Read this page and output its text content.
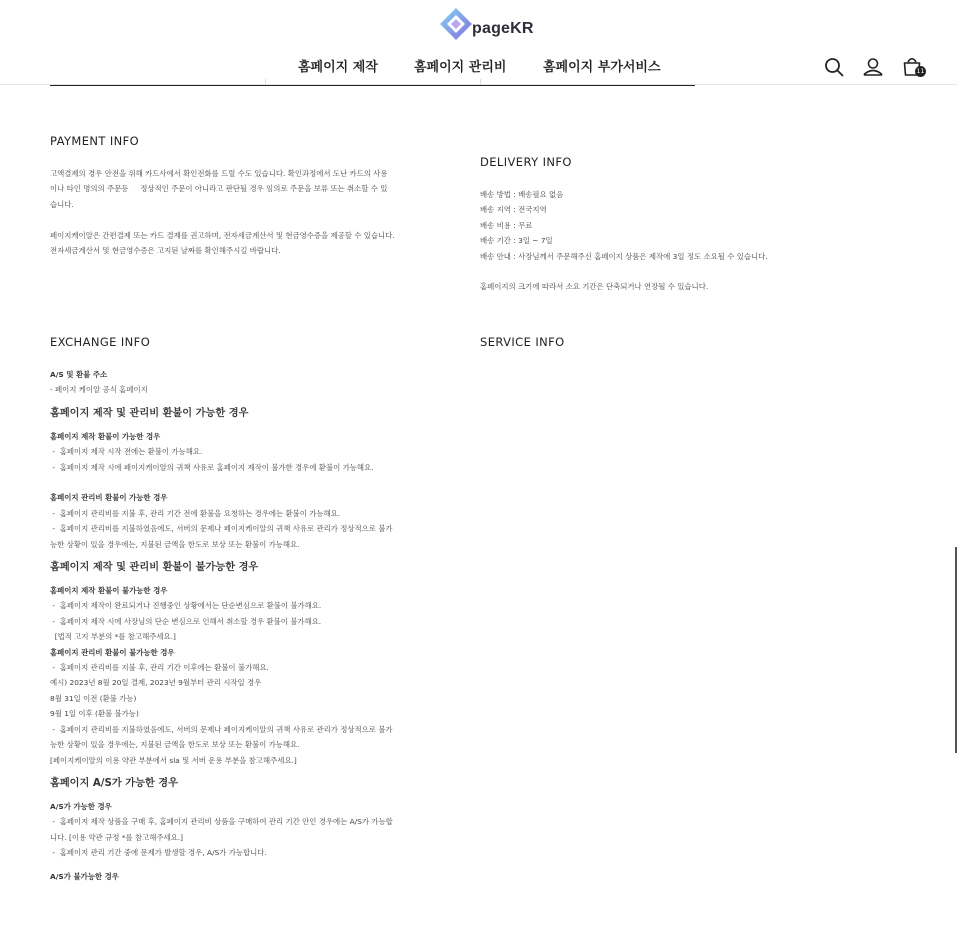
pageKR
홈페이지 제작	홈페이지 관리비	홈페이지 부가서비스	11
PAYMENT INFO

고액결제의 경우 안전을 위해 카드사에서 확인전화를 드릴 수도 있습니다. 확인과정에서 도난 카드의 사용

이나 타인 명의의 주문등     정상적인 주문이 아니라고 판단될 경우 임의로 주문을 보류 또는 취소할 수 있

습니다.

페이지케이알은 간편결제 또는 카드 결제를 권고하며, 전자세금계산서 및 현금영수증을 제공할 수 있습니다.

전자세금계산서 및 현금영수증은 고지된 날짜를 확인해주시길 바랍니다.

DELIVERY INFO

배송 방법 : 배송필요 없음

배송 지역 : 전국지역

배송 비용 : 무료

배송 기간 : 3일 ~ 7일

배송 안내 : 사장님께서 주문해주신 홈페이지 상품은 제작에 3일 정도 소요될 수 있습니다.

홈페이지의 크기에 따라서 소요 기간은 단축되거나 연장될 수 있습니다.

EXCHANGE INFO

A/S 및 환불 주소

- 페이지 케이알 공식 홈페이지

홈페이지 제작 및 관리비 환불이 가능한 경우

홈페이지 제작 환불이 가능한 경우

-  홈페이지 제작 시작 전에는 환불이 가능해요.

-  홈페이지 제작 시에 페이지케이알의 귀책 사유로 홈페이지 제작이 불가한 경우에 환불이 가능해요.

홈페이지 관리비 환불이 가능한 경우

-  홈페이지 관리비를 지불 후, 관리 기간 전에 환불을 요청하는 경우에는 환불이 가능해요.

-  홈페이지 관리비를 지불하였음에도, 서버의 문제나 페이지케이알의 귀책 사유로 관리가 정상적으로 불가

능한 상황이 있을 경우에는, 지불된 금액을 한도로 보상 또는 환불이 가능해요.

홈페이지 제작 및 관리비 환불이 불가능한 경우

홈페이지 제작 환불이 불가능한 경우

-  홈페이지 제작이 완료되거나 진행중인 상황에서는 단순변심으로 환불이 불가해요.

-  홈페이지 제작 시에 사장님의 단순 변심으로 인해서 취소할 경우 환불이 불가해요.

[법적 고지 부분의 *를 참고해주세요.]

홈페이지 관리비 환불이 불가능한 경우

-  홈페이지 관리비를 지불 후, 관리 기간 이후에는 환불이 불가해요.

예시) 2023년 8월 20일 결제, 2023년 9월부터 관리 시작일 경우

8월 31일 이전 (환불 가능)

9월 1일 이후 (환불 불가능)

-  홈페이지 관리비를 지불하였음에도, 서버의 문제나 페이지케이알의 귀책 사유로 관리가 정상적으로 불가

능한 상황이 있을 경우에는, 지불된 금액을 한도로 보상 또는 환불이 가능해요.

[페이지케이알의 이용 약관 부분에서 sla 및 서버 운용 부분을 참고해주세요.]

홈페이지 A/S가 가능한 경우

A/S가 가능한 경우

-  홈페이지 제작 상품을 구매 후, 홈페이지 관리비 상품을 구매하여 관리 기간 안인 경우에는 A/S가 가능합

니다. [이용 약관 규정 *를 참고해주세요.]

-  홈페이지 관리 기간 중에 문제가 발생할 경우, A/S가 가능합니다.

A/S가 불가능한 경우

SERVICE INFO
